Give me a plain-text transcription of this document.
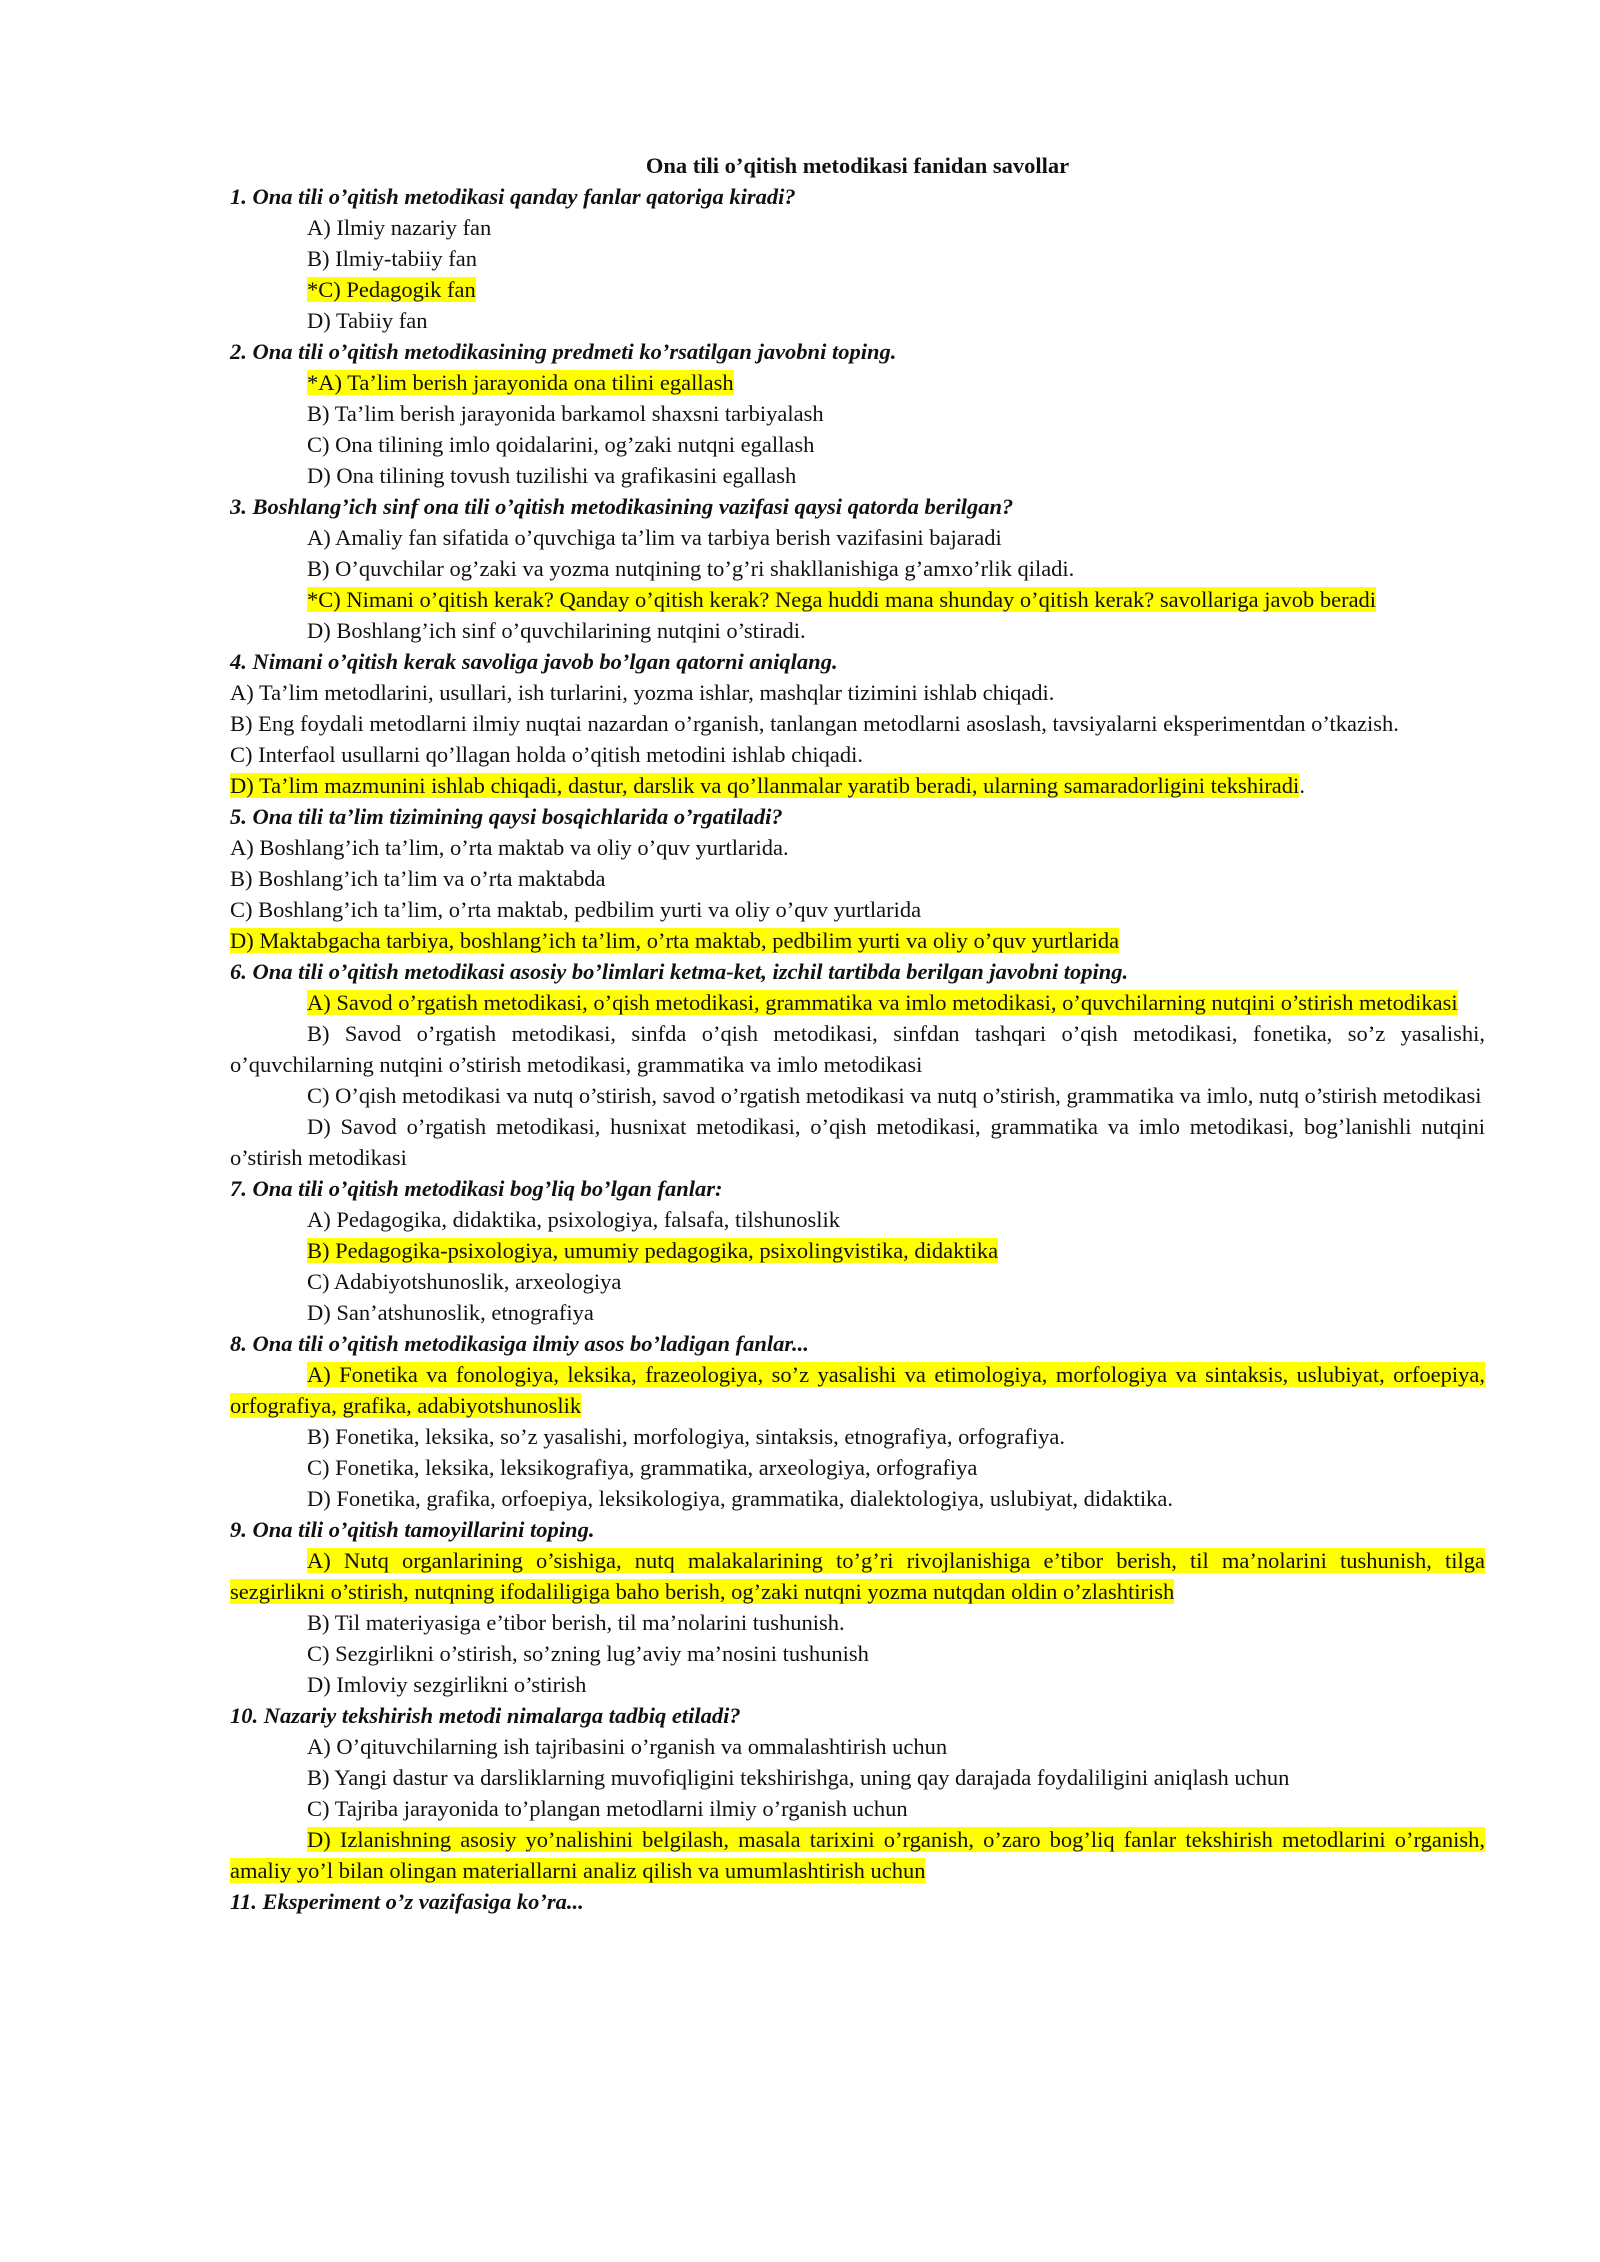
Ona tili o’qitish metodikasi fanidan savollar
1. Ona tili o’qitish metodikasi qanday fanlar qatoriga kiradi?
A) Ilmiy nazariy fan
B) Ilmiy-tabiiy fan
*C) Pedagogik fan
D) Tabiiy fan
2. Ona tili o’qitish metodikasining predmeti ko’rsatilgan javobni toping.
*A) Ta’lim berish jarayonida ona tilini egallash
B) Ta’lim berish jarayonida barkamol shaxsni tarbiyalash
C) Ona tilining imlo qoidalarini, og’zaki nutqni egallash
D) Ona tilining tovush tuzilishi va grafikasini egallash
3. Boshlang’ich sinf ona tili o’qitish metodikasining vazifasi qaysi qatorda berilgan?
A) Amaliy fan sifatida o’quvchiga ta’lim va tarbiya berish vazifasini bajaradi
B) O’quvchilar og’zaki va yozma nutqining to’g’ri shakllanishiga g’amxo’rlik qiladi.
*C) Nimani o’qitish kerak? Qanday o’qitish kerak? Nega huddi mana shunday o’qitish kerak? savollariga javob beradi
D) Boshlang’ich sinf o’quvchilarining nutqini o’stiradi.
4. Nimani o’qitish kerak savoliga javob bo’lgan qatorni aniqlang.
A) Ta’lim metodlarini, usullari, ish turlarini, yozma ishlar, mashqlar tizimini ishlab chiqadi.
B) Eng foydali metodlarni ilmiy nuqtai nazardan o’rganish, tanlangan metodlarni asoslash, tavsiyalarni eksperimentdan o’tkazish.
C) Interfaol usullarni qo’llagan holda o’qitish metodini ishlab chiqadi.
D) Ta’lim mazmunini ishlab chiqadi, dastur, darslik va qo’llanmalar yaratib beradi, ularning samaradorligini tekshiradi.
5. Ona tili ta’lim tizimining qaysi bosqichlarida o’rgatiladi?
A) Boshlang’ich ta’lim, o’rta maktab va oliy o’quv yurtlarida.
B) Boshlang’ich ta’lim va o’rta maktabda
C) Boshlang’ich ta’lim, o’rta maktab, pedbilim yurti va oliy o’quv yurtlarida
D) Maktabgacha tarbiya, boshlang’ich ta’lim, o’rta maktab, pedbilim yurti va oliy o’quv yurtlarida
6. Ona tili o’qitish metodikasi asosiy bo’limlari ketma-ket, izchil tartibda berilgan javobni toping.
A) Savod o’rgatish metodikasi, o’qish metodikasi, grammatika va imlo metodikasi, o’quvchilarning nutqini o’stirish metodikasi
B) Savod o’rgatish metodikasi, sinfda o’qish metodikasi, sinfdan tashqari o’qish metodikasi, fonetika, so’z yasalishi, o’quvchilarning nutqini o’stirish metodikasi, grammatika va imlo metodikasi
C) O’qish metodikasi va nutq o’stirish, savod o’rgatish metodikasi va nutq o’stirish, grammatika va imlo, nutq o’stirish metodikasi
D) Savod o’rgatish metodikasi, husnixat metodikasi, o’qish metodikasi, grammatika va imlo metodikasi, bog’lanishli nutqini o’stirish metodikasi
7. Ona tili o’qitish metodikasi bog’liq bo’lgan fanlar:
A) Pedagogika, didaktika, psixologiya, falsafa, tilshunoslik
B) Pedagogika-psixologiya, umumiy pedagogika, psixolingvistika, didaktika
C) Adabiyotshunoslik, arxeologiya
D) San’atshunoslik, etnografiya
8. Ona tili o’qitish metodikasiga ilmiy asos bo’ladigan fanlar...
A) Fonetika va fonologiya, leksika, frazeologiya, so’z yasalishi va etimologiya, morfologiya va sintaksis, uslubiyat, orfoepiya, orfografiya, grafika, adabiyotshunoslik
B) Fonetika, leksika, so’z yasalishi, morfologiya, sintaksis, etnografiya, orfografiya.
C) Fonetika, leksika, leksikografiya, grammatika, arxeologiya, orfografiya
D) Fonetika, grafika, orfoepiya, leksikologiya, grammatika, dialektologiya, uslubiyat, didaktika.
9. Ona tili o’qitish tamoyillarini toping.
A) Nutq organlarining o’sishiga, nutq malakalarining to’g’ri rivojlanishiga e’tibor berish, til ma’nolarini tushunish, tilga sezgirlikni o’stirish, nutqning ifodaliligiga baho berish, og’zaki nutqni yozma nutqdan oldin o’zlashtirish
B) Til materiyasiga e’tibor berish, til ma’nolarini tushunish.
C) Sezgirlikni o’stirish, so’zning lug’aviy ma’nosini tushunish
D) Imloviy sezgirlikni o’stirish
10. Nazariy tekshirish metodi nimalarga tadbiq etiladi?
A) O’qituvchilarning ish tajribasini o’rganish va ommalashtirish uchun
B) Yangi dastur va darsliklarning muvofiqligini tekshirishga, uning qay darajada foydaliligini aniqlash uchun
C) Tajriba jarayonida to’plangan metodlarni ilmiy o’rganish uchun
D) Izlanishning asosiy yo’nalishini belgilash, masala tarixini o’rganish, o’zaro bog’liq fanlar tekshirish metodlarini o’rganish, amaliy yo’l bilan olingan materiallarni analiz qilish va umumlashtirish uchun
11. Eksperiment o’z vazifasiga ko’ra...
